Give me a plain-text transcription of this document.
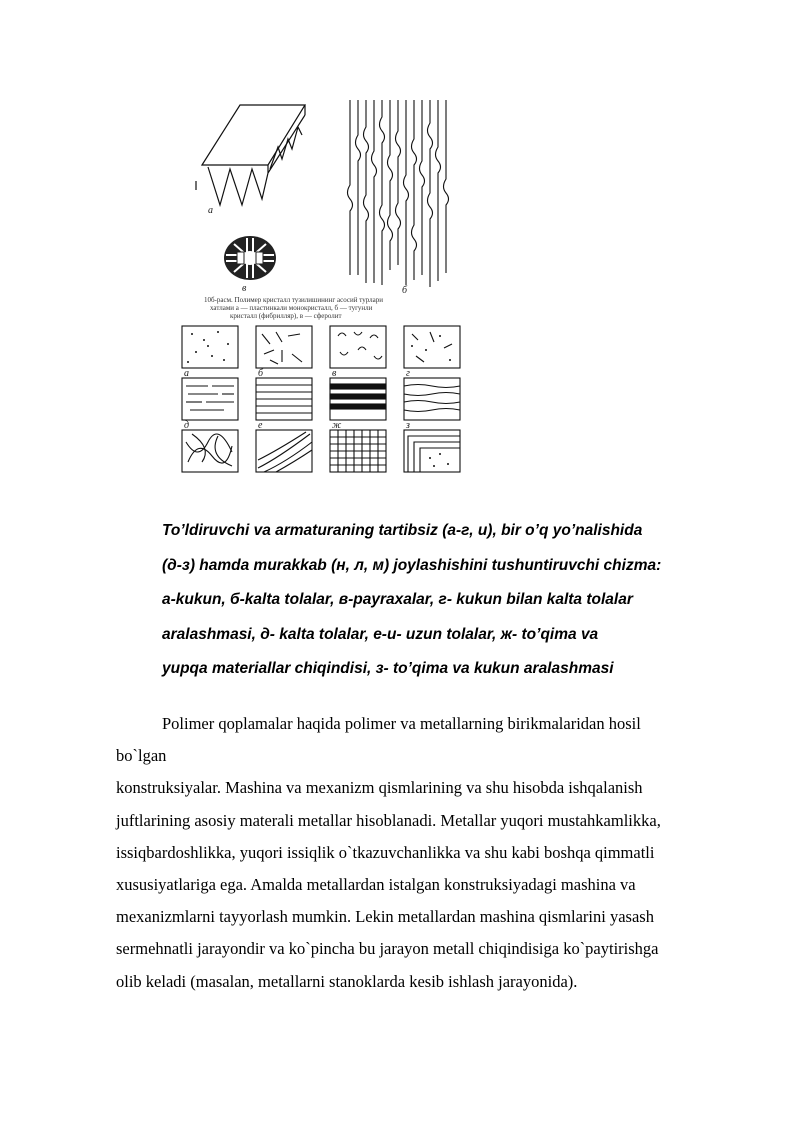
a
в	б
10б-расм. Полимер кристалл тузилишининг асосий турлари
хатлами а — пластинкали монокристалл, б — тугунли
кристалл (фибрилляр), в — сферолит
а	б	в	г
д	е	ж	з
To’ldiruvchi va armaturaning tartibsiz (а-г, и), bir o’q yo’nalishida
(д-з) hamda murakkab (н, л, м) joylashishini tushuntiruvchi chizma:
а-kukun, б-kalta tolalar, в-payraxalar, г- kukun bilan kalta tolalar
aralashmasi, д- kalta tolalar, е-и- uzun tolalar, ж- to’qima va
yupqa materiallar chiqindisi, з- to’qima va kukun aralashmasi
Polimer qoplamalar haqida polimer va metallarning birikmalaridan hosil
bo`lgan
konstruksiyalar. Mashina va mexanizm qismlarining va shu hisobda ishqalanish
juftlarining asosiy materali metallar hisoblanadi. Metallar yuqori mustahkamlikka,
issiqbardoshlikka, yuqori issiqlik o`tkazuvchanlikka va shu kabi boshqa qimmatli
xususiyatlariga ega. Amalda metallardan istalgan konstruksiyadagi mashina va
mexanizmlarni tayyorlash mumkin. Lekin metallardan mashina qismlarini yasash
sermehnatli jarayondir va ko`pincha bu jarayon metall chiqindisiga ko`paytirishga
olib keladi (masalan, metallarni stanoklarda kesib ishlash jarayonida).
